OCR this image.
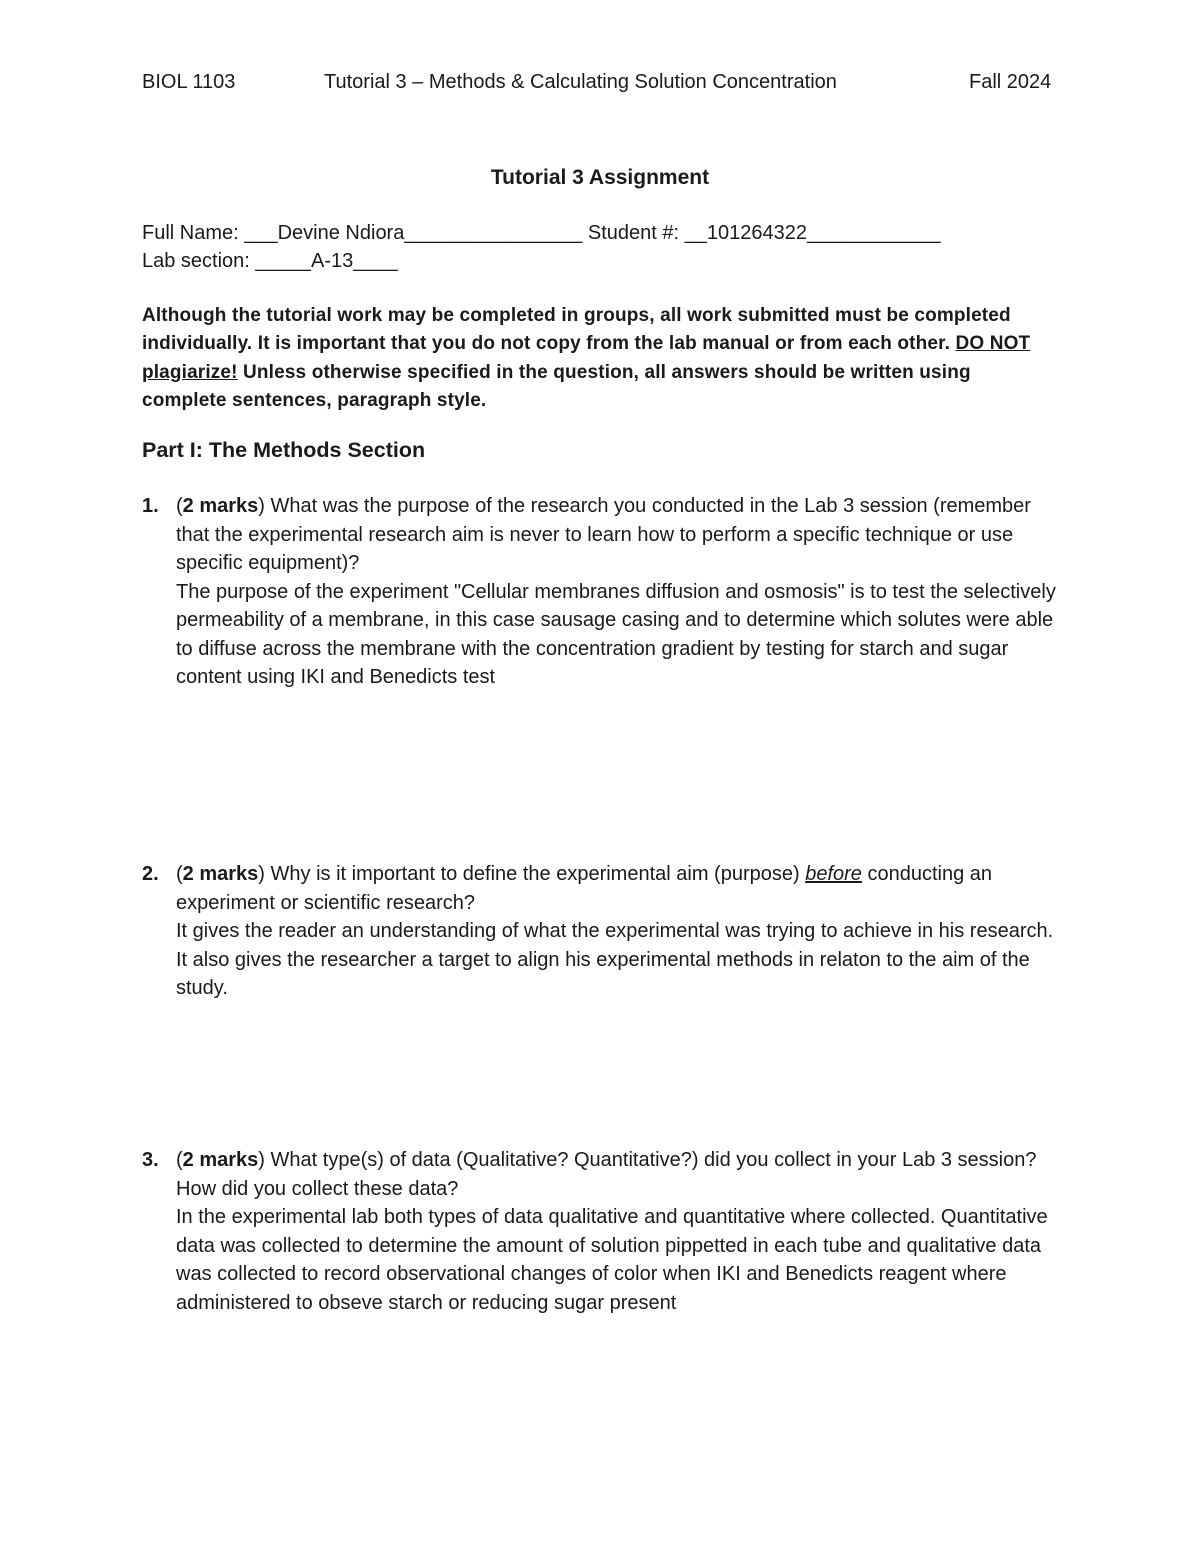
BIOL 1103	Tutorial 3 – Methods & Calculating Solution Concentration	Fall 2024
Tutorial 3 Assignment
Full Name: ___Devine Ndiora________________ Student #: __101264322____________
Lab section: _____A-13____
Although the tutorial work may be completed in groups, all work submitted must be completed individually. It is important that you do not copy from the lab manual or from each other. DO NOT plagiarize! Unless otherwise specified in the question, all answers should be written using complete sentences, paragraph style.
Part I: The Methods Section
1. (2 marks) What was the purpose of the research you conducted in the Lab 3 session (remember that the experimental research aim is never to learn how to perform a specific technique or use specific equipment)?
The purpose of the experiment "Cellular membranes diffusion and osmosis" is to test the selectively permeability of a membrane, in this case sausage casing and to determine which solutes were able to diffuse across the membrane with the concentration gradient by testing for starch and sugar content using IKI and Benedicts test
2. (2 marks) Why is it important to define the experimental aim (purpose) before conducting an experiment or scientific research?
It gives the reader an understanding of what the experimental was trying to achieve in his research. It also gives the researcher a target to align his experimental methods in relaton to the aim of the study.
3. (2 marks) What type(s) of data (Qualitative? Quantitative?) did you collect in your Lab 3 session? How did you collect these data?
In the experimental lab both types of data qualitative and quantitative where collected. Quantitative data was collected to determine the amount of solution pippetted in each tube and qualitative data was collected to record observational changes of color when IKI and Benedicts reagent where administered to obseve starch or reducing sugar present
